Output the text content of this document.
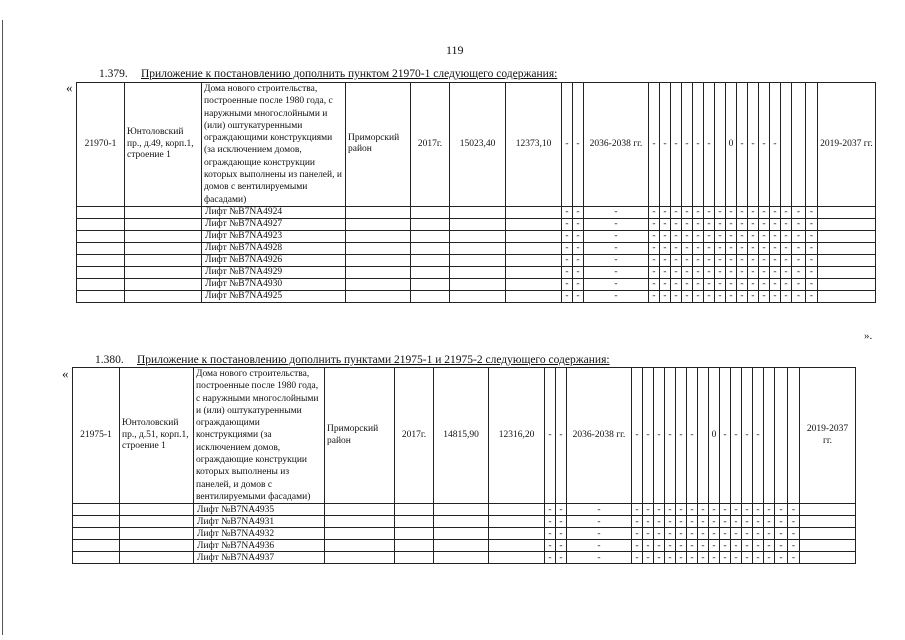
119
1.379. Приложение к постановлению дополнить пунктом 21970-1 следующего содержания:
«
».
21970-1	Юнтоловский пр., д.49, корп.1, строение 1	Дома нового строительства, построенные после 1980 года, с наружными многослойными и (или) оштукатуренными ограждающими конструкциями (за исключением домов, ограждающие конструкции которых выполнены из панелей, и домов с вентилируемыми фасадами)	Приморский район	2017г.	15023,40	12373,10	-	-	2036-2038 гг.	-	-	-	-	-	-		0	-	-	-	-				2019-2037 гг.
		Лифт №B7NA4924					-	-	-	-	-	-	-	-	-	-	-	-	-	-	-	-	-	-	
		Лифт №B7NA4927					-	-	-	-	-	-	-	-	-	-	-	-	-	-	-	-	-	-	
		Лифт №B7NA4923					-	-	-	-	-	-	-	-	-	-	-	-	-	-	-	-	-	-	
		Лифт №B7NA4928					-	-	-	-	-	-	-	-	-	-	-	-	-	-	-	-	-	-	
		Лифт №B7NA4926					-	-	-	-	-	-	-	-	-	-	-	-	-	-	-	-	-	-	
		Лифт №B7NA4929					-	-	-	-	-	-	-	-	-	-	-	-	-	-	-	-	-	-	
		Лифт №B7NA4930					-	-	-	-	-	-	-	-	-	-	-	-	-	-	-	-	-	-	
		Лифт №B7NA4925					-	-	-	-	-	-	-	-	-	-	-	-	-	-	-	-	-	-	
1.380. Приложение к постановлению дополнить пунктами 21975-1 и 21975-2 следующего содержания:
«
21975-1	Юнтоловский пр., д.51, корп.1, строение 1	Дома нового строительства, построенные после 1980 года, с наружными многослойными и (или) оштукатуренными ограждающими конструкциями (за исключением домов, ограждающие конструкции которых выполнены из панелей, и домов с вентилируемыми фасадами)	Приморский район	2017г.	14815,90	12316,20	-	-	2036-2038 гг.	-	-	-	-	-	-		0	-	-	-	-				2019-2037 гг.
		Лифт №B7NA4935					-	-	-	-	-	-	-	-	-	-	-	-	-	-	-	-	-	-	
		Лифт №B7NA4931					-	-	-	-	-	-	-	-	-	-	-	-	-	-	-	-	-	-	
		Лифт №B7NA4932					-	-	-	-	-	-	-	-	-	-	-	-	-	-	-	-	-	-	
		Лифт №B7NA4936					-	-	-	-	-	-	-	-	-	-	-	-	-	-	-	-	-	-	
		Лифт №B7NA4937					-	-	-	-	-	-	-	-	-	-	-	-	-	-	-	-	-	-	
